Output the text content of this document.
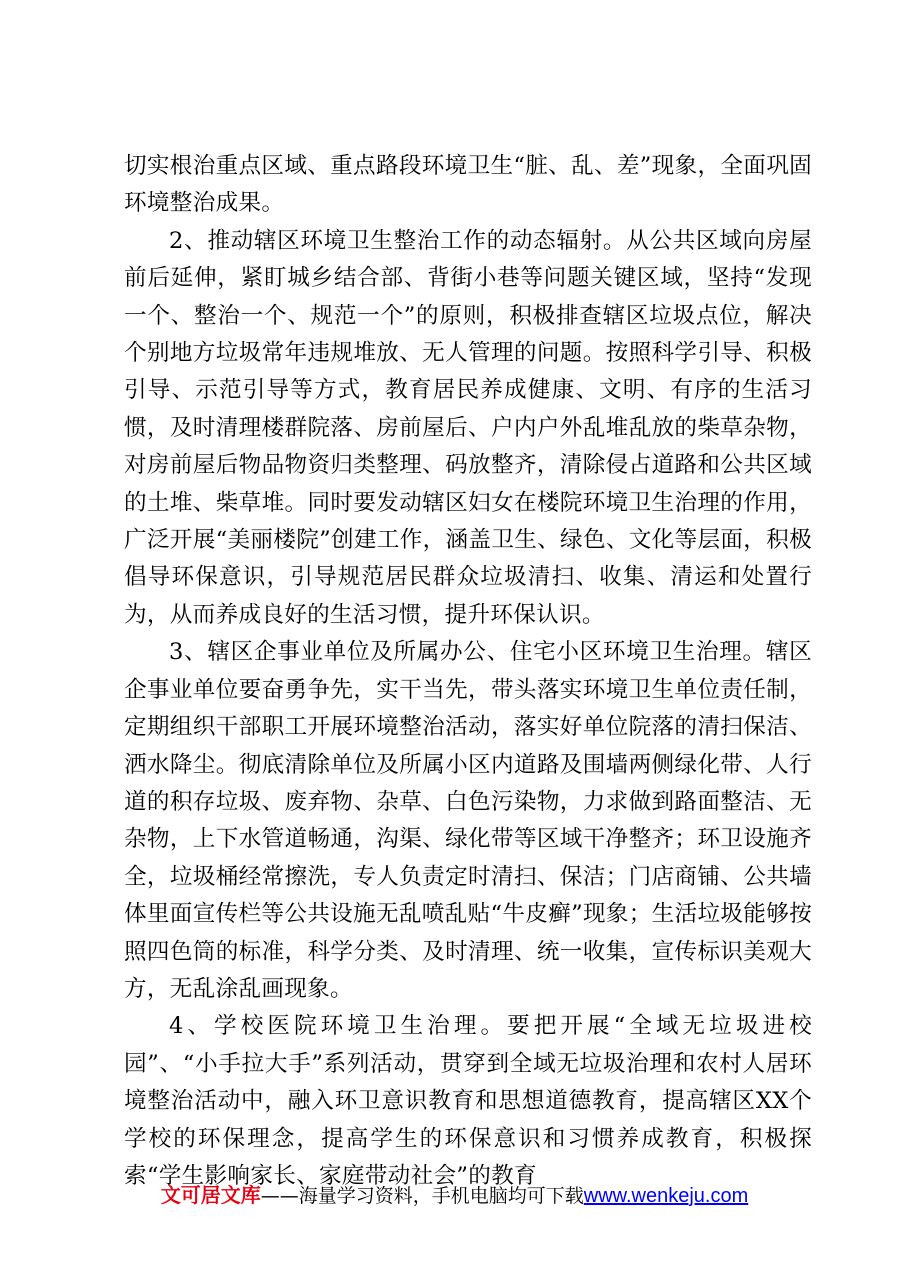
切实根治重点区域、重点路段环境卫生“脏、乱、差”现象，全面巩固环境整治成果。

2、推动辖区环境卫生整治工作的动态辐射。从公共区域向房屋前后延伸，紧盯城乡结合部、背街小巷等问题关键区域，坚持“发现一个、整治一个、规范一个”的原则，积极排查辖区垃圾点位，解决个别地方垃圾常年违规堆放、无人管理的问题。按照科学引导、积极引导、示范引导等方式，教育居民养成健康、文明、有序的生活习惯，及时清理楼群院落、房前屋后、户内户外乱堆乱放的柴草杂物，对房前屋后物品物资归类整理、码放整齐，清除侵占道路和公共区域的土堆、柴草堆。同时要发动辖区妇女在楼院环境卫生治理的作用，广泛开展“美丽楼院”创建工作，涵盖卫生、绿色、文化等层面，积极倡导环保意识，引导规范居民群众垃圾清扫、收集、清运和处置行为，从而养成良好的生活习惯，提升环保认识。

3、辖区企事业单位及所属办公、住宅小区环境卫生治理。辖区企事业单位要奋勇争先，实干当先，带头落实环境卫生单位责任制，定期组织干部职工开展环境整治活动，落实好单位院落的清扫保洁、洒水降尘。彻底清除单位及所属小区内道路及围墙两侧绿化带、人行道的积存垃圾、废弃物、杂草、白色污染物，力求做到路面整洁、无杂物，上下水管道畅通，沟渠、绿化带等区域干净整齐；环卫设施齐全，垃圾桶经常擦洗，专人负责定时清扫、保洁；门店商铺、公共墙体里面宣传栏等公共设施无乱喷乱贴“牛皮癣”现象；生活垃圾能够按照四色筒的标准，科学分类、及时清理、统一收集，宣传标识美观大方，无乱涂乱画现象。

4、学校医院环境卫生治理。要把开展“全域无垃圾进校园”、“小手拉大手”系列活动，贯穿到全域无垃圾治理和农村人居环境整治活动中，融入环卫意识教育和思想道德教育，提高辖区XX个学校的环保理念，提高学生的环保意识和习惯养成教育，积极探索“学生影响家长、家庭带动社会”的教育

文可居文库——海量学习资料，手机电脑均可下载www.wenkeju.com
